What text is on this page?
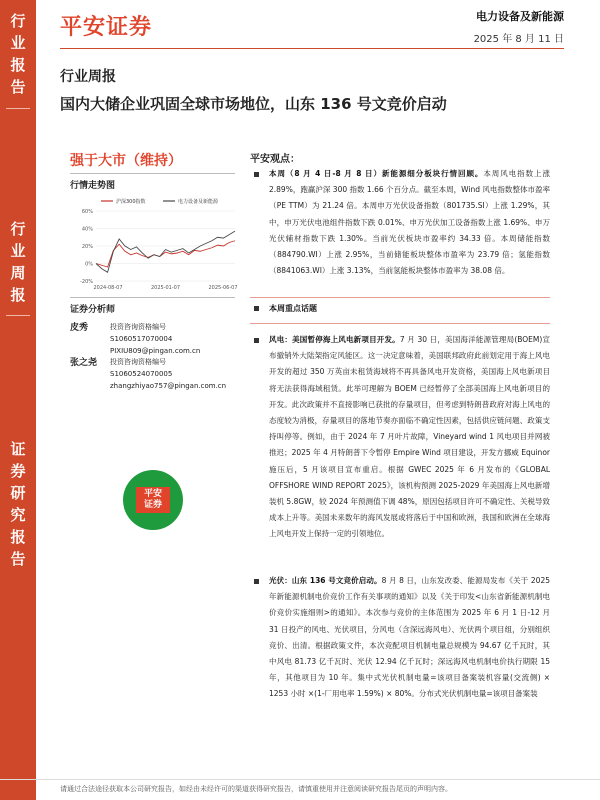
行
业
报
告
行
业
周
报
证
券
研
究
报
告
平安证券	电力设备及新能源
2025 年 8 月 11 日
行业周报
国内大储企业巩固全球市场地位，山东 136 号文竞价启动
强于大市（维持）
行情走势图
沪深300指数	电力设备及新能源
60%
40%
20%
0%
-20%
2024-08-07	2025-01-07	2025-06-07
证券分析师
皮秀	投资咨询资格编号
S1060517070004
PIXIU809@pingan.com.cn
张之尧	投资咨询资格编号
S1060524070005
zhangzhiyao757@pingan.com.cn
平安
证券
平安观点：
本周（8 月 4 日-8 月 8 日）新能源细分板块行情回顾。本周风电指数上涨 2.89%，跑赢沪深 300 指数 1.66 个百分点。截至本周，Wind 风电指数整体市盈率（PE TTM）为 21.24 倍。本周申万光伏设备指数（801735.SI）上涨 1.29%，其中，申万光伏电池组件指数下跌 0.01%、申万光伏加工设备指数上涨 1.69%、申万光伏辅材指数下跌 1.30%。当前光伏板块市盈率约 34.33 倍。本周储能指数（884790.WI）上涨 2.95%，当前储能板块整体市盈率为 23.79 倍；氢能指数（8841063.WI）上涨 3.13%，当前氢能板块整体市盈率为 38.08 倍。
本周重点话题
风电：美国暂停海上风电新项目开发。7 月 30 日，美国海洋能源管理局(BOEM)宣布撤销外大陆架指定风能区。这一决定意味着，美国联邦政府此前划定用于海上风电开发的超过 350 万英亩未租赁海域将不再具备风电开发资格，美国海上风电新项目将无法获得海域租赁。此举可理解为 BOEM 已经暂停了全部美国海上风电新项目的开发。此次政策并不直接影响已获批的存量项目，但考虑到特朗普政府对海上风电的态度较为消极，存量项目的落地节奏亦面临不确定性因素，包括供应链问题、政策支持叫停等。例如，由于 2024 年 7 月叶片故障，Vineyard wind 1 风电项目并网被推迟；2025 年 4 月特朗普下令暂停 Empire Wind 项目建设，开发方挪威 Equinor 施压后，5 月该项目宣布重启。根据 GWEC 2025 年 6 月发布的《GLOBAL OFFSHORE WIND REPORT 2025》，该机构预测 2025-2029 年美国海上风电新增装机 5.8GW，较 2024 年预测值下调 48%，原因包括项目许可不确定性、关税导致成本上升等。美国未来数年的海风发展或将落后于中国和欧洲，我国和欧洲在全球海上风电开发上保持一定的引领地位。
光伏：山东 136 号文竞价启动。8 月 8 日，山东发改委、能源局发布《关于 2025 年新能源机制电价竞价工作有关事项的通知》以及《关于印发<山东省新能源机制电价竞价实施细则>的通知》。本次参与竞价的主体范围为 2025 年 6 月 1 日-12 月 31 日投产的风电、光伏项目，分风电（含深远海风电）、光伏两个项目组，分别组织竞价、出清。根据政策文件，本次竞配项目机制电量总规模为 94.67 亿千瓦时，其中风电 81.73 亿千瓦时、光伏 12.94 亿千瓦时；深远海风电机制电价执行期限 15 年，其他项目为 10 年。集中式光伏机制电量=该项目备案装机容量(交流侧) × 1253 小时 ×(1-厂用电率 1.59%) × 80%。分布式光伏机制电量=该项目备案装
请通过合法途径获取本公司研究报告，如经由未经许可的渠道获得研究报告，请慎重使用并注意阅读研究报告尾页的声明内容。
